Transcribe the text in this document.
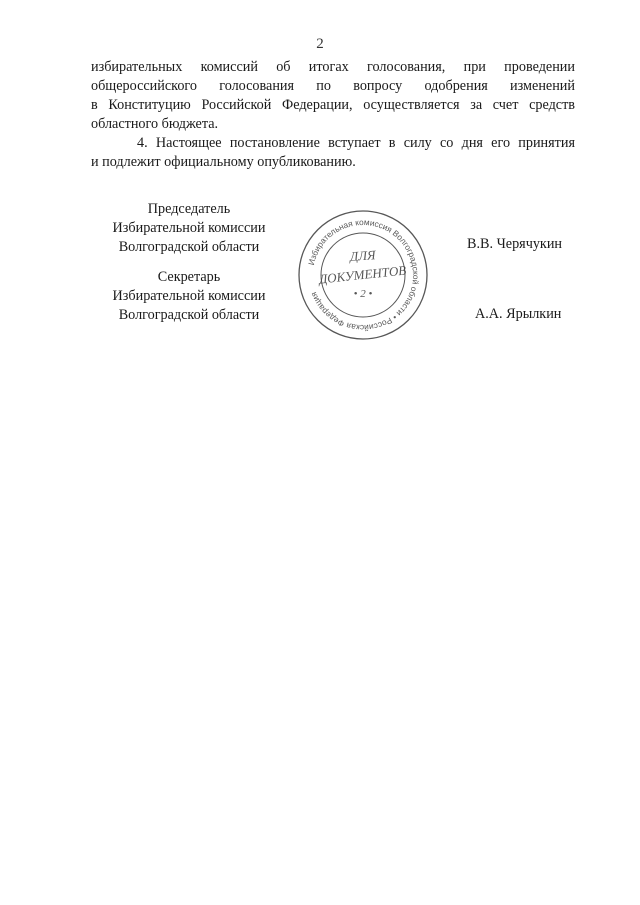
2

избирательных комиссий об итогах голосования, при проведении
общероссийского голосования по вопросу одобрения изменений
в Конституцию Российской Федерации, осуществляется за счет средств
областного бюджета.

4. Настоящее постановление вступает в силу со дня его принятия
и подлежит официальному опубликованию.

Председатель
Избирательной комиссии
Волгоградской области	В.В. Черячукин
Секретарь
Избирательной комиссии
Волгоградской области	А.А. Ярылкин
Избирательная комиссия Волгоградской области • Российская Федерация
ДЛЯ
ДОКУМЕНТОВ
• 2 •
